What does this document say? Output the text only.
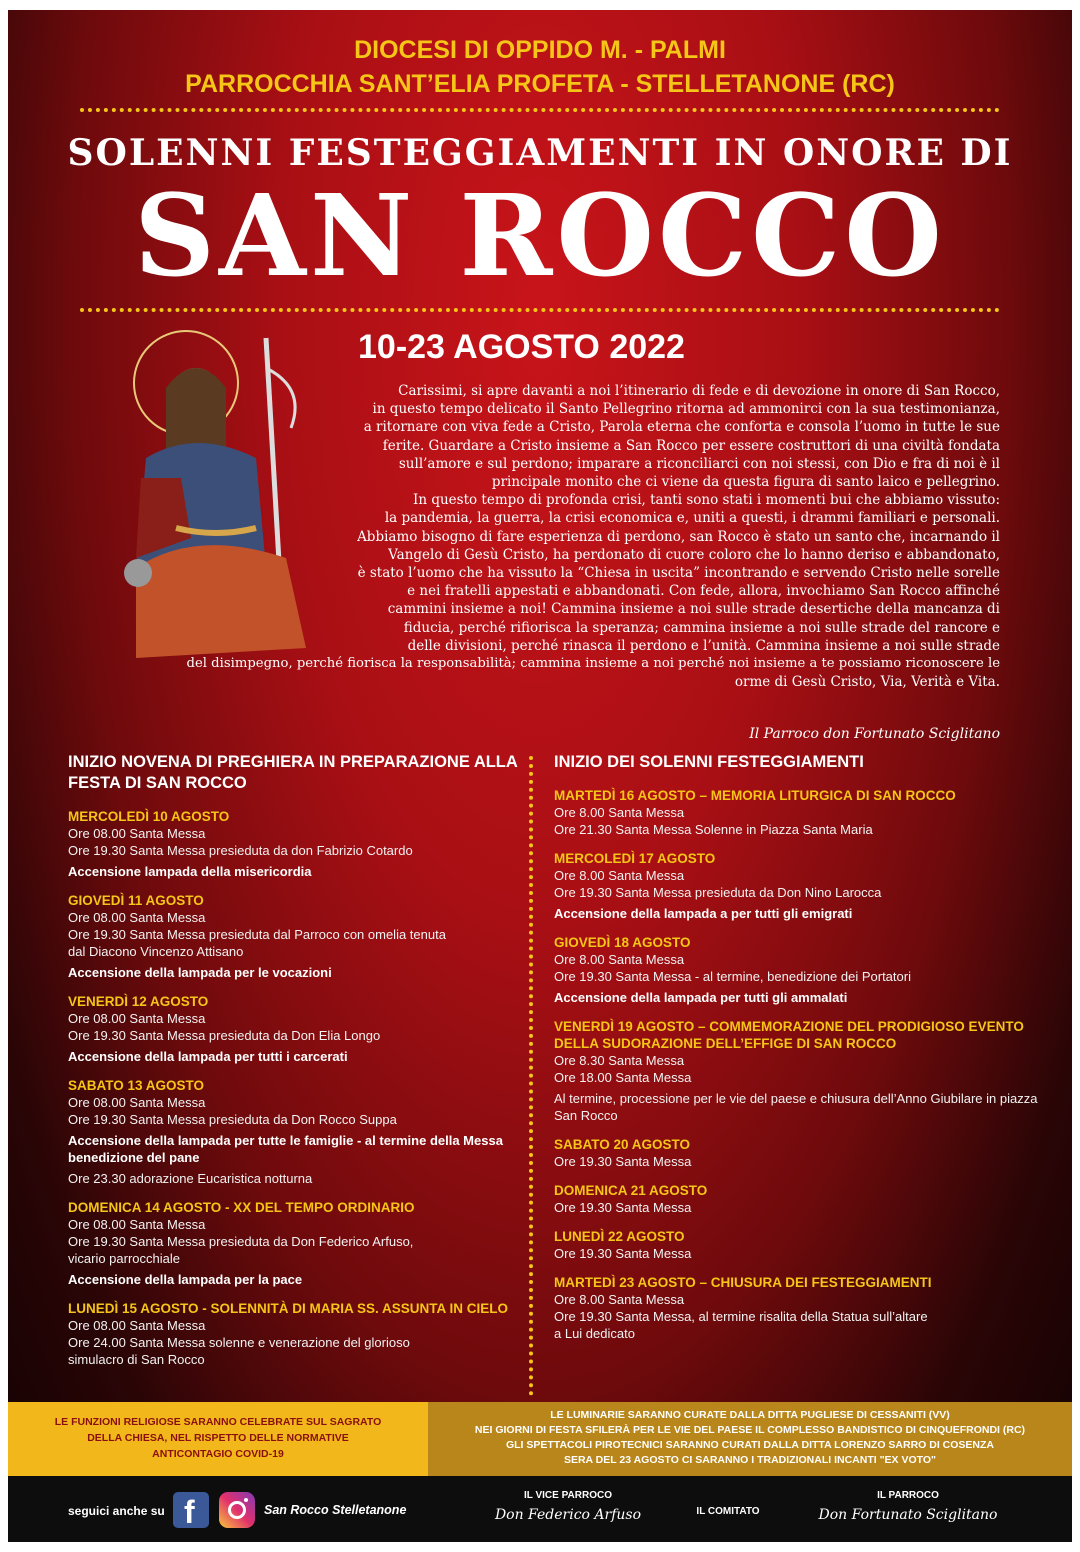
DIOCESI DI OPPIDO M. - PALMI
PARROCCHIA SANT’ELIA PROFETA - STELLETANONE (RC)
SOLENNI FESTEGGIAMENTI IN ONORE DI
SAN ROCCO
10-23 AGOSTO 2022

Carissimi, si apre davanti a noi l’itinerario di fede e di devozione in onore di San Rocco,

in questo tempo delicato il Santo Pellegrino ritorna ad ammonirci con la sua testimonianza,

a ritornare con viva fede a Cristo, Parola eterna che conforta e consola l’uomo in tutte le sue

ferite. Guardare a Cristo insieme a San Rocco per essere costruttori di una civiltà fondata

sull’amore e sul perdono; imparare a riconciliarci con noi stessi, con Dio e fra di noi è il

principale monito che ci viene da questa figura di santo laico e pellegrino.

In questo tempo di profonda crisi, tanti sono stati i momenti bui che abbiamo vissuto:

la pandemia, la guerra, la crisi economica e, uniti a questi, i drammi familiari e personali.

Abbiamo bisogno di fare esperienza di perdono, san Rocco è stato un santo che, incarnando il

Vangelo di Gesù Cristo, ha perdonato di cuore coloro che lo hanno deriso e abbandonato,

è stato l’uomo che ha vissuto la “Chiesa in uscita” incontrando e servendo Cristo nelle sorelle

e nei fratelli appestati e abbandonati. Con fede, allora, invochiamo San Rocco affinché

cammini insieme a noi! Cammina insieme a noi sulle strade desertiche della mancanza di

fiducia, perché rifiorisca la speranza; cammina insieme a noi sulle strade del rancore e

delle divisioni, perché rinasca il perdono e l’unità. Cammina insieme a noi sulle strade

del disimpegno, perché fiorisca la responsabilità; cammina insieme a noi perché noi insieme a te possiamo riconoscere le

orme di Gesù Cristo, Via, Verità e Vita.

Il Parroco don Fortunato Sciglitano
INIZIO NOVENA DI PREGHIERA IN PREPARAZIONE ALLA FESTA DI SAN ROCCO
MERCOLEDÌ 10 AGOSTO
Ore 08.00 Santa Messa
Ore 19.30 Santa Messa presieduta da don Fabrizio Cotardo
Accensione lampada della misericordia
GIOVEDÌ 11 AGOSTO
Ore 08.00 Santa Messa
Ore 19.30 Santa Messa presieduta dal Parroco con omelia tenuta
dal Diacono Vincenzo Attisano
Accensione della lampada per le vocazioni
VENERDÌ 12 AGOSTO
Ore 08.00 Santa Messa
Ore 19.30 Santa Messa presieduta da Don Elia Longo
Accensione della lampada per tutti i carcerati
SABATO 13 AGOSTO
Ore 08.00 Santa Messa
Ore 19.30 Santa Messa presieduta da Don Rocco Suppa
Accensione della lampada per tutte le famiglie - al termine della Messa benedizione del pane
Ore 23.30 adorazione Eucaristica notturna
DOMENICA 14 AGOSTO - XX DEL TEMPO ORDINARIO
Ore 08.00 Santa Messa
Ore 19.30 Santa Messa presieduta da Don Federico Arfuso,
vicario parrocchiale
Accensione della lampada per la pace
LUNEDÌ 15 AGOSTO - SOLENNITÀ DI MARIA SS. ASSUNTA IN CIELO
Ore 08.00 Santa Messa
Ore 24.00 Santa Messa solenne e venerazione del glorioso
simulacro di San Rocco
INIZIO DEI SOLENNI FESTEGGIAMENTI
MARTEDÌ 16 AGOSTO – MEMORIA LITURGICA DI SAN ROCCO
Ore 8.00 Santa Messa
Ore 21.30 Santa Messa Solenne in Piazza Santa Maria
MERCOLEDÌ 17 AGOSTO
Ore 8.00 Santa Messa
Ore 19.30 Santa Messa presieduta da Don Nino Larocca
Accensione della lampada a per tutti gli emigrati
GIOVEDÌ 18 AGOSTO
Ore 8.00 Santa Messa
Ore 19.30 Santa Messa - al termine, benedizione dei Portatori
Accensione della lampada per tutti gli ammalati
VENERDÌ 19 AGOSTO – COMMEMORAZIONE DEL PRODIGIOSO EVENTO DELLA SUDORAZIONE DELL’EFFIGE DI SAN ROCCO
Ore 8.30 Santa Messa
Ore 18.00 Santa Messa
Al termine, processione per le vie del paese e chiusura dell’Anno Giubilare in piazza San Rocco
SABATO 20 AGOSTO
Ore 19.30 Santa Messa
DOMENICA 21 AGOSTO
Ore 19.30 Santa Messa
LUNEDÌ 22 AGOSTO
Ore 19.30 Santa Messa
MARTEDÌ 23 AGOSTO – CHIUSURA DEI FESTEGGIAMENTI
Ore 8.00 Santa Messa
Ore 19.30 Santa Messa, al termine risalita della Statua sull’altare
a Lui dedicato
LE FUNZIONI RELIGIOSE SARANNO CELEBRATE SUL SAGRATO
DELLA CHIESA, NEL RISPETTO DELLE NORMATIVE
ANTICONTAGIO COVID-19
LE LUMINARIE SARANNO CURATE DALLA DITTA PUGLIESE DI CESSANITI (VV)
NEI GIORNI DI FESTA SFILERÀ PER LE VIE DEL PAESE IL COMPLESSO BANDISTICO DI CINQUEFRONDI (RC)
GLI SPETTACOLI PIROTECNICI SARANNO CURATI DALLA DITTA LORENZO SARRO DI COSENZA
SERA DEL 23 AGOSTO CI SARANNO I TRADIZIONALI INCANTI "EX VOTO"
seguici anche su f	San Rocco Stelletanone
IL VICE PARROCO
Don Federico Arfuso	IL COMITATO
IL PARROCO
Don Fortunato Sciglitano
